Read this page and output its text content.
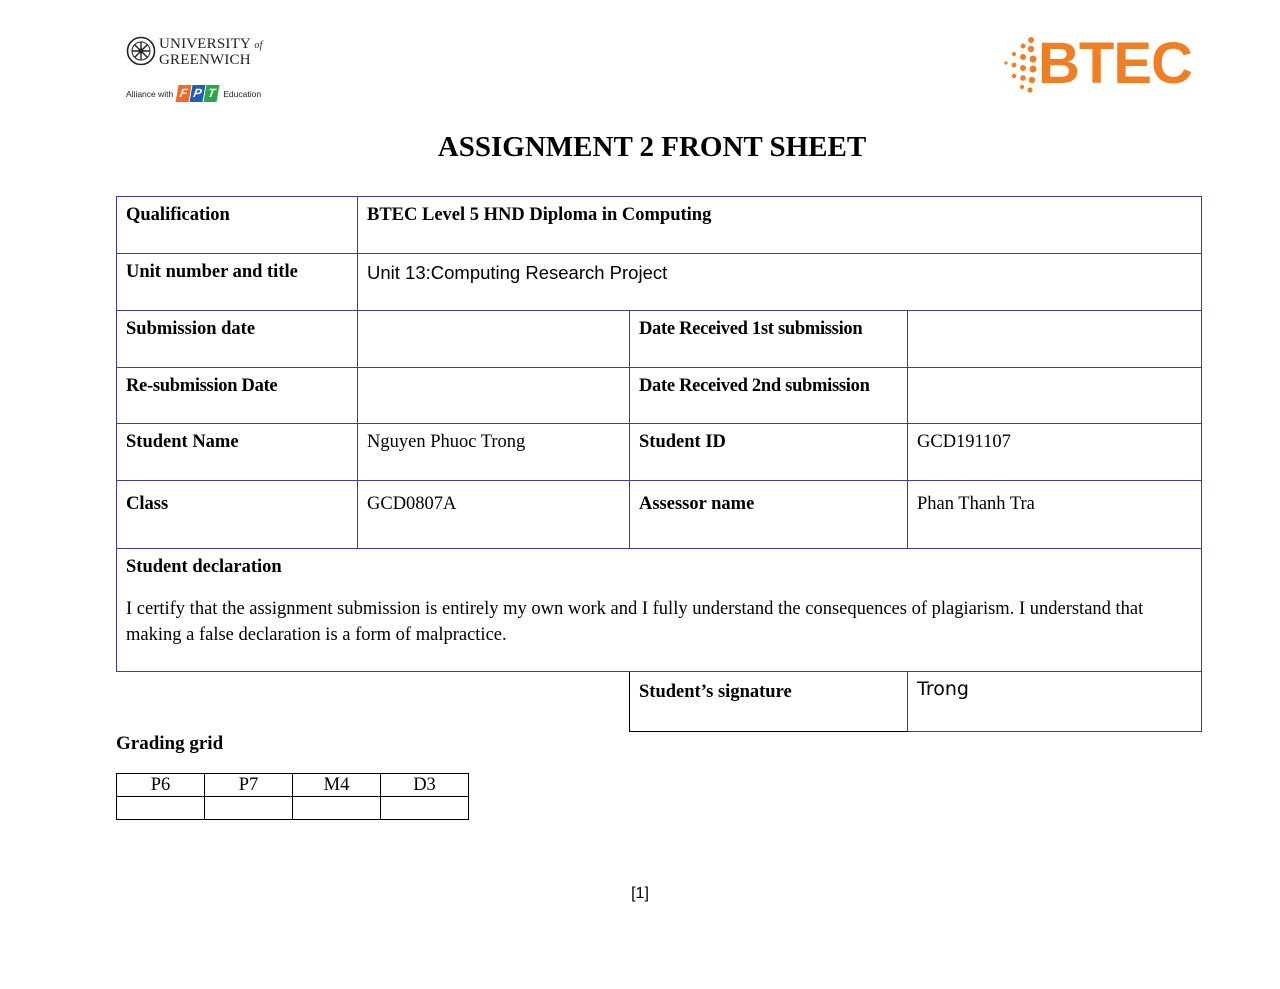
UNIVERSITY of
GREENWICH
Alliance with F P T Education	BTEC
ASSIGNMENT 2 FRONT SHEET
Qualification	BTEC Level 5 HND Diploma in Computing		
Unit number and title	Unit 13:Computing Research Project		
Submission date		Date Received 1st submission	
Re-submission Date		Date Received 2nd submission	
Student Name	Nguyen Phuoc Trong	Student ID	GCD191107
Class	GCD0807A	Assessor name	Phan Thanh Tra

Student declaration
I certify that the assignment submission is entirely my own work and I fully understand the consequences of plagiarism. I understand that making a false declaration is a form of malpractice.			
Student’s signature	Trong
Grading grid
P6	P7	M4	D3

[1]
